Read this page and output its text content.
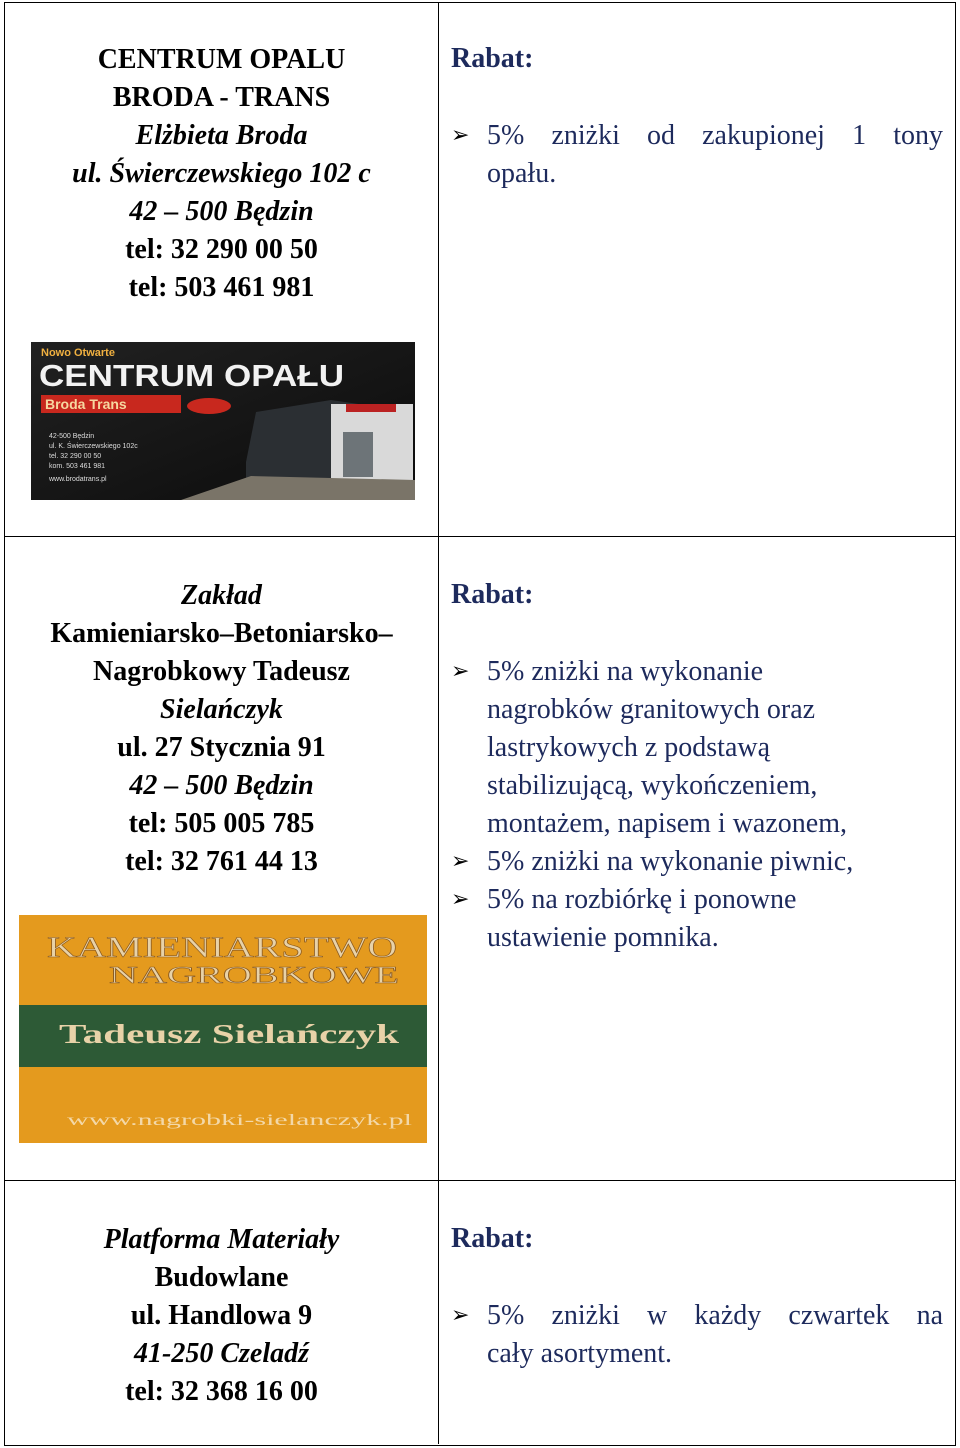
CENTRUM OPALU
BRODA - TRANS
Elżbieta Broda
ul. Świerczewskiego 102 c
42 – 500 Będzin
tel: 32 290 00 50
tel: 503 461 981
Rabat:
➢ 5% zniżki od zakupionej 1 tony
opału.
Nowo Otwarte
CENTRUM OPAŁU
Broda Trans
42-500 Będzin
ul. K. Świerczewskiego 102c
tel. 32 290 00 50
kom. 503 461 981
www.brodatrans.pl
Zakład
Kamieniarsko–Betoniarsko–
Nagrobkowy Tadeusz
Sielańczyk
ul. 27 Stycznia 91
42 – 500 Będzin
tel: 505 005 785
tel: 32 761 44 13
Rabat:
➢ 5% zniżki na wykonanie
nagrobków granitowych oraz
lastrykowych z podstawą
stabilizującą, wykończeniem,
montażem, napisem i wazonem,
➢ 5% zniżki na wykonanie piwnic,
➢ 5% na rozbiórkę i ponowne
ustawienie pomnika.
KAMIENIARSTWO
NAGROBKOWE
Tadeusz Sielańczyk
www.nagrobki-sielanczyk.pl
Platforma Materiały
Budowlane
ul. Handlowa 9
41-250 Czeladź
tel: 32 368 16 00
Rabat:
➢ 5% zniżki w każdy czwartek na
cały asortyment.
